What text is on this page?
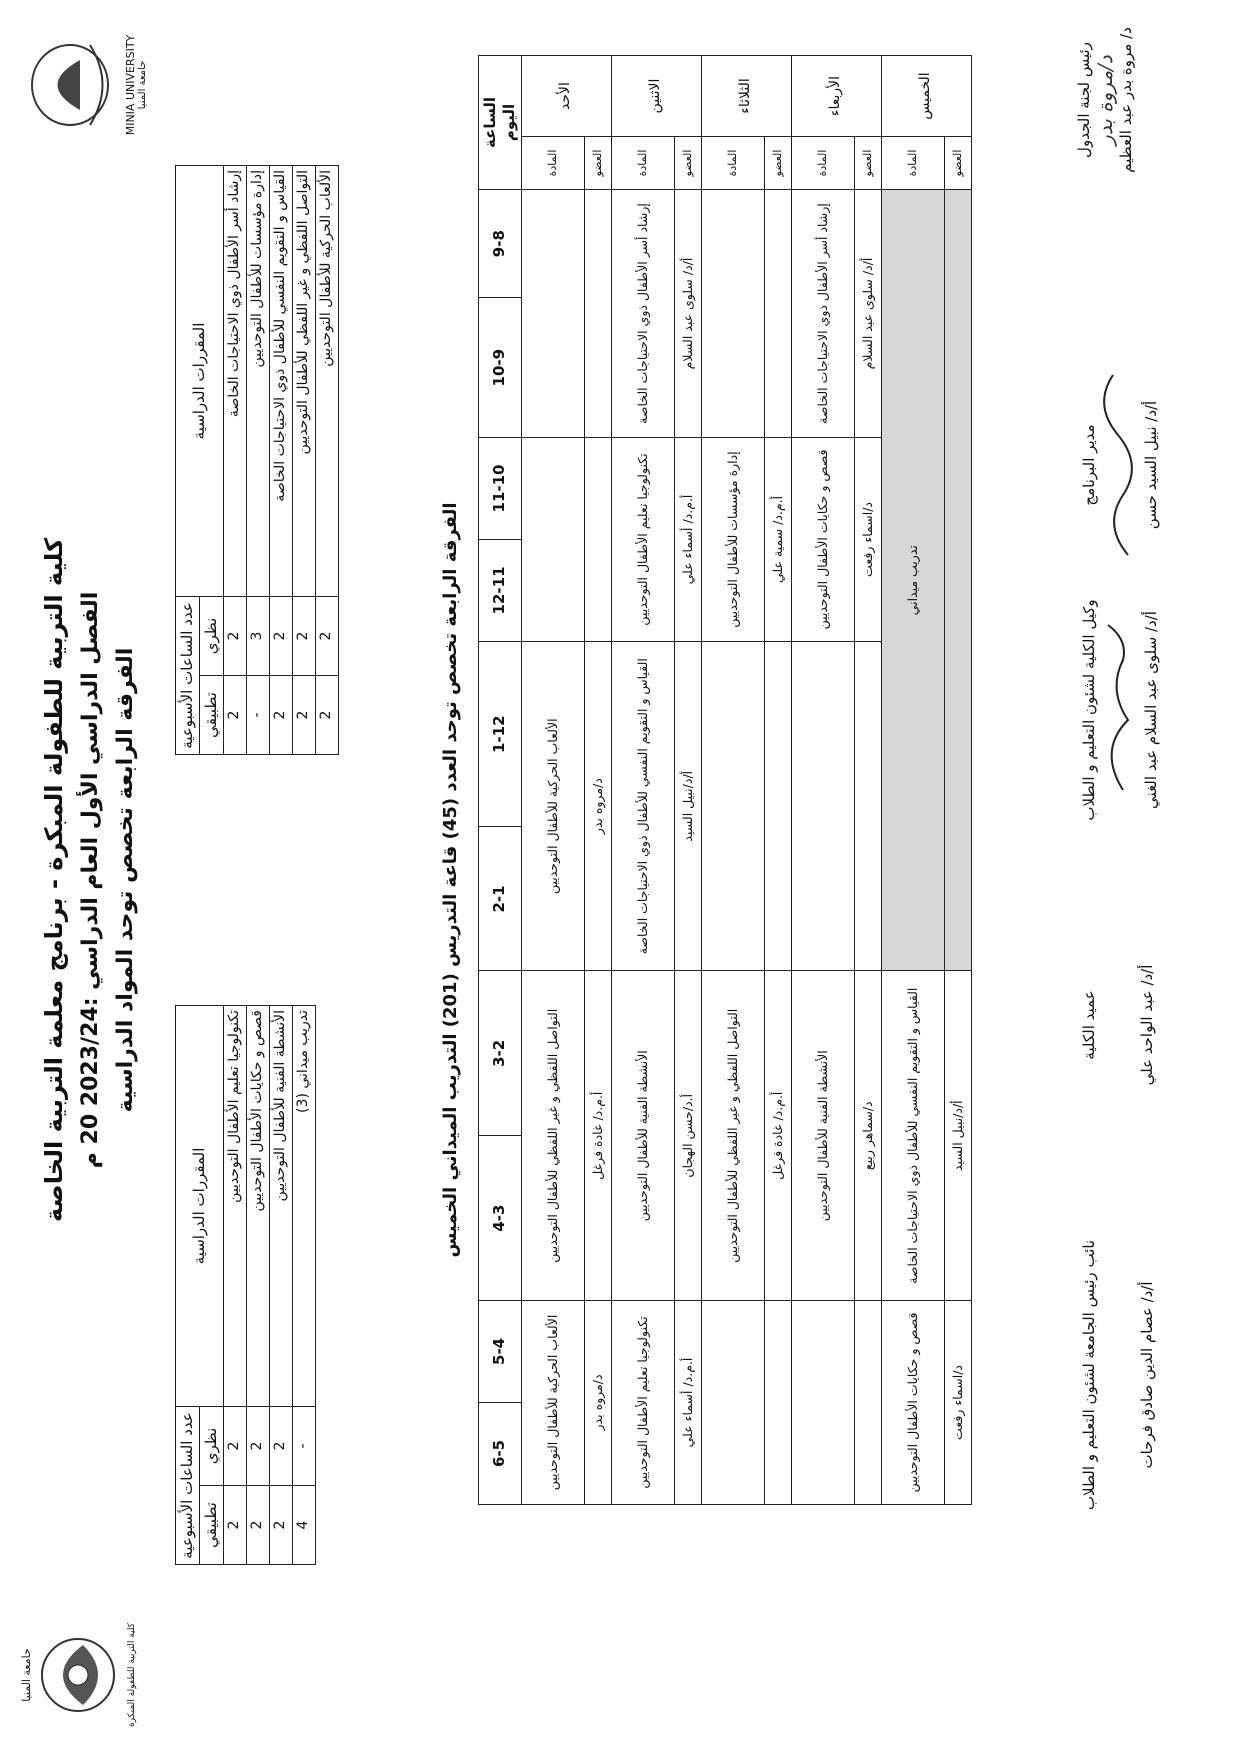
MINIA UNIVERSITY جامعة المنيا
جامعة المنيا	كلية التربية للطفولة المبكرة
كلية التربية للطفولة المبكرة - برنامج معلمة التربية الخاصة الفصل الدراسي الأول العام الدراسي :2023/24 20 م الفرقة الرابعة تخصص توحد المواد الدراسية
المقررات الدراسية	عدد الساعات الأسبوعية	
	نظري	تطبيقي
إرشاد أسر الأطفال ذوي الاحتياجات الخاصة	2	2
إدارة مؤسسات للأطفال التوحديين	3	-
القياس و التقويم النفسي للأطفال ذوي الاحتياجات الخاصة	2	2
التواصل اللفظي و غير اللفظي للأطفال التوحديين	2	2
الألعاب الحركية للأطفال التوحديين	2	2
المقررات الدراسية	عدد الساعات الأسبوعية	
	نظري	تطبيقي
تكنولوجيا تعليم الأطفال التوحديين	2	2
قصص و حكايات الأطفال التوحديين	2	2
الأنشطة الفنية للأطفال التوحديين	2	2
تدريب ميداني (3)	-	4
الفرقة الرابعة تخصص توحد العدد (45) قاعة التدريس (201) التدريب الميداني الخميس
الساعة اليوم		9-8	10-9	11-10	12-11	1-12	2-1	3-2	4-3	5-4	6-5
الأحد	المادة					الألعاب الحركية للأطفال التوحديين		التواصل اللفظي و غير اللفظي للأطفال التوحديين		الألعاب الحركية للأطفال التوحديين	
	العضو					د/مروه بدر		أ.م.د/ غادة فرغل		د/مروه بدر	
الاثنين	المادة	إرشاد أسر الأطفال ذوي الاحتياجات الخاصة		تكنولوجيا تعليم الأطفال التوحديين		القياس و التقويم النفسي للأطفال ذوي الاحتياجات الخاصة		الأنشطة الفنية للأطفال التوحديين		تكنولوجيا تعليم الأطفال التوحديين	
	العضو	أ/د/ سلوى عبد السلام		أ.م.د/ أسماء علي		أ/د/نبيل السيد		أ.د/حسن الهجان		أ.م.د/ أسماء علي	
الثلاثاء	المادة			إدارة مؤسسات للأطفال التوحديين				التواصل اللفظي و غير اللفظي للأطفال التوحديين			
	العضو			أ.م.د/ سمية علي				أ.م.د/ غادة فرغل			
الأربعاء	المادة	إرشاد أسر الأطفال ذوي الاحتياجات الخاصة		قصص و حكايات الأطفال التوحديين				الأنشطة الفنية للأطفال التوحديين			
	العضو	أ/د/ سلوى عبد السلام		د/اسماء رفعت				د/سماهر ربيع			
الخميس	المادة	تدريب ميداني						القياس و التقويم النفسي للأطفال ذوي الاحتياجات الخاصة		قصص و حكايات الأطفال التوحديين	
	العضو							أ/د/نبيل السيد		د/اسماء رفعت	
رئيس لجنة الجدول د/مروة بدر د/ مروة بدر عبد العظيم
مدير البرنامج	أ/د/ نبيل السيد حسن
وكيل الكلية لشئون التعليم و الطلاب	أ/د/ سلوى عبد السلام عبد الغني
عميد الكلية	أ/د/ عبد الواحد علي
نائب رئيس الجامعة لشئون التعليم و الطلاب	أ/د/ عصام الدين صادق فرحات
